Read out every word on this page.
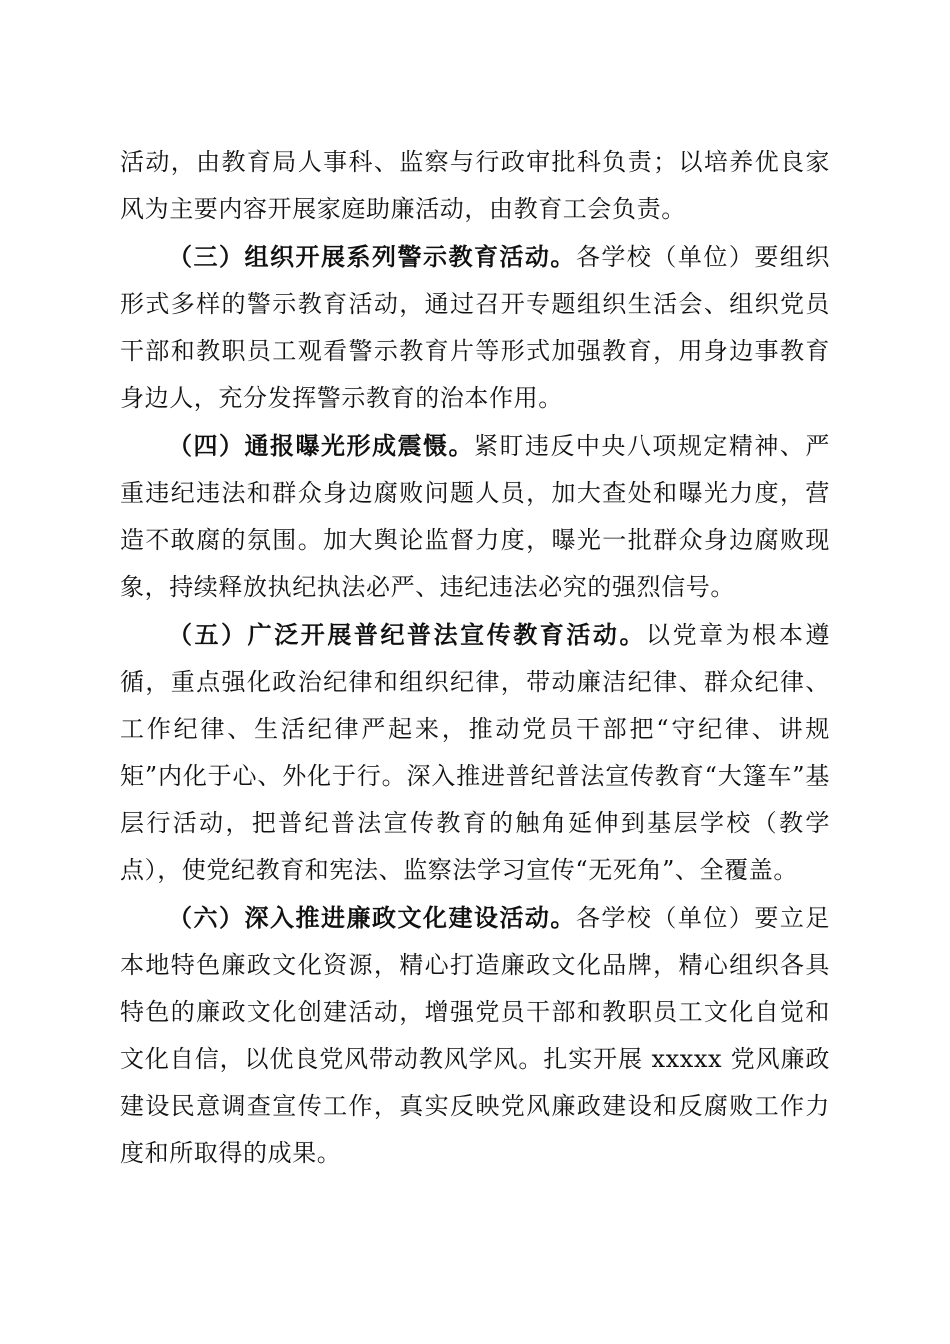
活动，由教育局人事科、监察与行政审批科负责；以培养优良家风为主要内容开展家庭助廉活动，由教育工会负责。

（三）组织开展系列警示教育活动。各学校（单位）要组织形式多样的警示教育活动，通过召开专题组织生活会、组织党员干部和教职员工观看警示教育片等形式加强教育，用身边事教育身边人，充分发挥警示教育的治本作用。

（四）通报曝光形成震慑。紧盯违反中央八项规定精神、严重违纪违法和群众身边腐败问题人员，加大查处和曝光力度，营造不敢腐的氛围。加大舆论监督力度，曝光一批群众身边腐败现象，持续释放执纪执法必严、违纪违法必究的强烈信号。

（五）广泛开展普纪普法宣传教育活动。以党章为根本遵循，重点强化政治纪律和组织纪律，带动廉洁纪律、群众纪律、工作纪律、生活纪律严起来，推动党员干部把“守纪律、讲规矩”内化于心、外化于行。深入推进普纪普法宣传教育“大篷车”基层行活动，把普纪普法宣传教育的触角延伸到基层学校（教学点），使党纪教育和宪法、监察法学习宣传“无死角”、全覆盖。

（六）深入推进廉政文化建设活动。各学校（单位）要立足本地特色廉政文化资源，精心打造廉政文化品牌，精心组织各具特色的廉政文化创建活动，增强党员干部和教职员工文化自觉和文化自信，以优良党风带动教风学风。扎实开展 xxxxx 党风廉政建设民意调查宣传工作，真实反映党风廉政建设和反腐败工作力度和所取得的成果。
